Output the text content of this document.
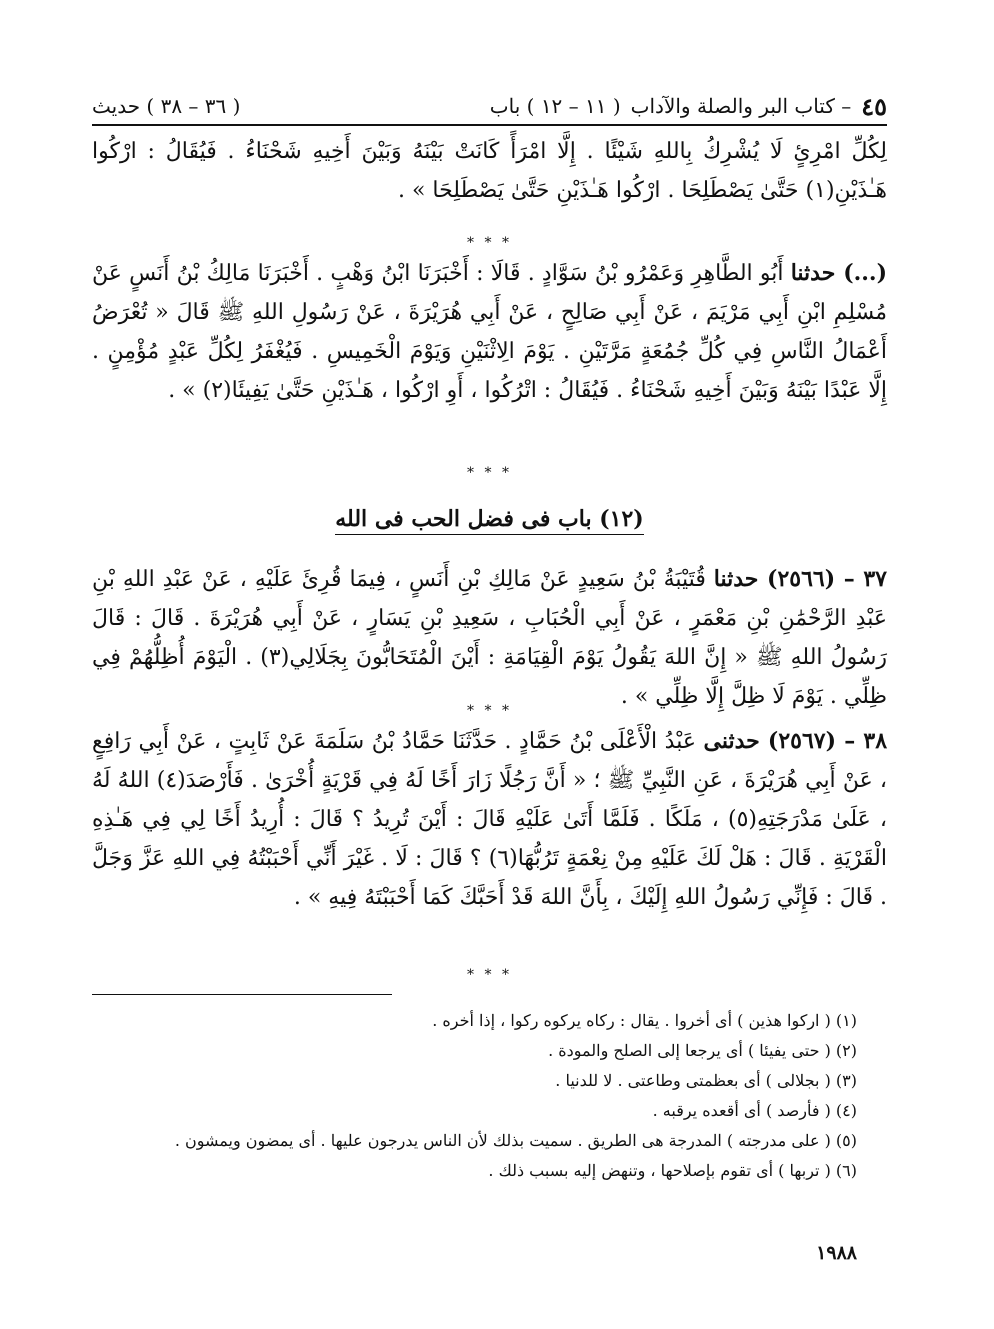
٤٥
– كتاب البر والصلة والآداب
( ١١ – ١٢ ) باب
( ٣٦ – ٣٨ ) حديث
لِكُلِّ امْرِئٍ لَا يُشْرِكُ بِاللهِ شَيْئًا . إِلَّا امْرَأً كَانَتْ بَيْنَهُ وَبَيْنَ أَخِيهِ شَحْنَاءُ . فَيُقَالُ : ارْكُوا هَـٰذَيْنِ(١) حَتَّىٰ يَصْطَلِحَا . ارْكُوا هَـٰذَيْنِ حَتَّىٰ يَصْطَلِحَا » .
* * *
(...) حدثنا أَبُو الطَّاهِرِ وَعَمْرُو بْنُ سَوَّادٍ . قَالَا : أَخْبَرَنَا ابْنُ وَهْبٍ . أَخْبَرَنَا مَالِكُ بْنُ أَنَسٍ عَنْ مُسْلِمِ ابْنِ أَبِي مَرْيَمَ ، عَنْ أَبِي صَالِحٍ ، عَنْ أَبِي هُرَيْرَةَ ، عَنْ رَسُولِ اللهِ ﷺ قَالَ « تُعْرَضُ أَعْمَالُ النَّاسِ فِي كُلِّ جُمُعَةٍ مَرَّتَيْنِ . يَوْمَ الِاثْنَيْنِ وَيَوْمَ الْخَمِيسِ . فَيُغْفَرُ لِكُلِّ عَبْدٍ مُؤْمِنٍ . إِلَّا عَبْدًا بَيْنَهُ وَبَيْنَ أَخِيهِ شَحْنَاءُ . فَيُقَالُ : اتْرُكُوا ، أَوِ ارْكُوا ، هَـٰذَيْنِ حَتَّىٰ يَفِيئَا(٢) » .
* * *
(١٢) باب فى فضل الحب فى الله
٣٧ – (٢٥٦٦) حدثنا قُتَيْبَةُ بْنُ سَعِيدٍ عَنْ مَالِكِ بْنِ أَنَسٍ ، فِيمَا قُرِئَ عَلَيْهِ ، عَنْ عَبْدِ اللهِ بْنِ عَبْدِ الرَّحْمَٰنِ بْنِ مَعْمَرٍ ، عَنْ أَبِي الْحُبَابِ ، سَعِيدِ بْنِ يَسَارٍ ، عَنْ أَبِي هُرَيْرَةَ . قَالَ : قَالَ رَسُولُ اللهِ ﷺ « إِنَّ اللهَ يَقُولُ يَوْمَ الْقِيَامَةِ : أَيْنَ الْمُتَحَابُّونَ بِجَلَالِي(٣) . الْيَوْمَ أُظِلُّهُمْ فِي ظِلِّي . يَوْمَ لَا ظِلَّ إِلَّا ظِلِّي » .
* * *
٣٨ – (٢٥٦٧) حدثنى عَبْدُ الْأَعْلَى بْنُ حَمَّادٍ . حَدَّثَنَا حَمَّادُ بْنُ سَلَمَةَ عَنْ ثَابِتٍ ، عَنْ أَبِي رَافِعٍ ، عَنْ أَبِي هُرَيْرَةَ ، عَنِ النَّبِيِّ ﷺ ؛ « أَنَّ رَجُلًا زَارَ أَخًا لَهُ فِي قَرْيَةٍ أُخْرَىٰ . فَأَرْصَدَ(٤) اللهُ لَهُ ، عَلَىٰ مَدْرَجَتِهِ(٥) ، مَلَكًا . فَلَمَّا أَتَىٰ عَلَيْهِ قَالَ : أَيْنَ تُرِيدُ ؟ قَالَ : أُرِيدُ أَخًا لِي فِي هَـٰذِهِ الْقَرْيَةِ . قَالَ : هَلْ لَكَ عَلَيْهِ مِنْ نِعْمَةٍ تَرُبُّهَا(٦) ؟ قَالَ : لَا . غَيْرَ أَنِّي أَحْبَبْتُهُ فِي اللهِ عَزَّ وَجَلَّ . قَالَ : فَإِنِّي رَسُولُ اللهِ إِلَيْكَ ، بِأَنَّ اللهَ قَدْ أَحَبَّكَ كَمَا أَحْبَبْتَهُ فِيهِ » .
* * *
(١) ( اركوا هذين ) أى أخروا . يقال : ركاه يركوه ركوا ، إذا أخره .
(٢) ( حتى يفيئا ) أى يرجعا إلى الصلح والمودة .
(٣) ( بجلالى ) أى بعظمتى وطاعتى . لا للدنيا .
(٤) ( فأرصد ) أى أقعده يرقبه .
(٥) ( على مدرجته ) المدرجة هى الطريق . سميت بذلك لأن الناس يدرجون عليها . أى يمضون ويمشون .
(٦) ( تربها ) أى تقوم بإصلاحها ، وتنهض إليه بسبب ذلك .
١٩٨٨
